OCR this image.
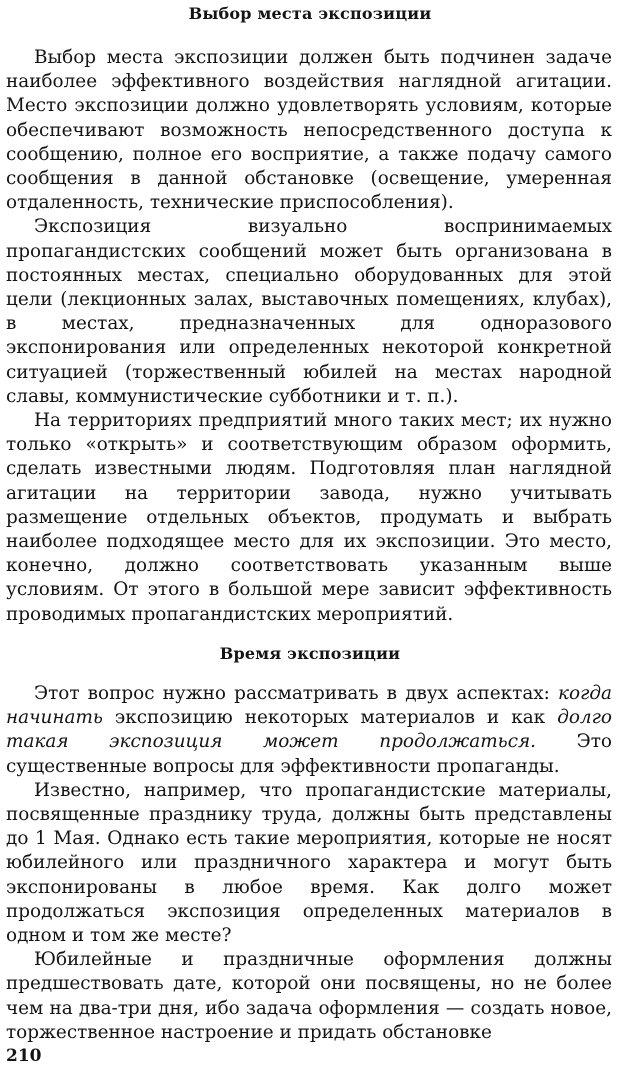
Выбор места экспозиции

Выбор места экспозиции должен быть подчинен задаче наиболее эффективного воздействия наглядной агитации. Место экспозиции должно удовлетворять условиям, которые обеспечивают возможность непосредственного доступа к сообщению, полное его восприятие, а также подачу самого сообщения в данной обстановке (освещение, умеренная отдаленность, технические приспособления).

Экспозиция визуально воспринимаемых пропагандистских сообщений может быть организована в постоянных местах, специально оборудованных для этой цели (лекционных залах, выставочных помещениях, клубах), в местах, предназначенных для одноразового экспонирования или определенных некоторой конкретной ситуацией (торжественный юбилей на местах народной славы, коммунистические субботники и т. п.).

На территориях предприятий много таких мест; их нужно только «открыть» и соответствующим образом оформить, сделать известными людям. Подготовляя план наглядной агитации на территории завода, нужно учитывать размещение отдельных объектов, продумать и выбрать наиболее подходящее место для их экспозиции. Это место, конечно, должно соответствовать указанным выше условиям. От этого в большой мере зависит эффективность проводимых пропагандистских мероприятий.

Время экспозиции

Этот вопрос нужно рассматривать в двух аспектах: когда начинать экспозицию некоторых материалов и как долго такая экспозиция может продолжаться. Это существенные вопросы для эффективности пропаганды.

Известно, например, что пропагандистские материалы, посвященные празднику труда, должны быть представлены до 1 Мая. Однако есть такие мероприятия, которые не носят юбилейного или праздничного характера и могут быть экспонированы в любое время. Как долго может продолжаться экспозиция определенных материалов в одном и том же месте?

Юбилейные и праздничные оформления должны предшествовать дате, которой они посвящены, но не более чем на два-три дня, ибо задача оформления — создать новое, торжественное настроение и придать обстановке

210
